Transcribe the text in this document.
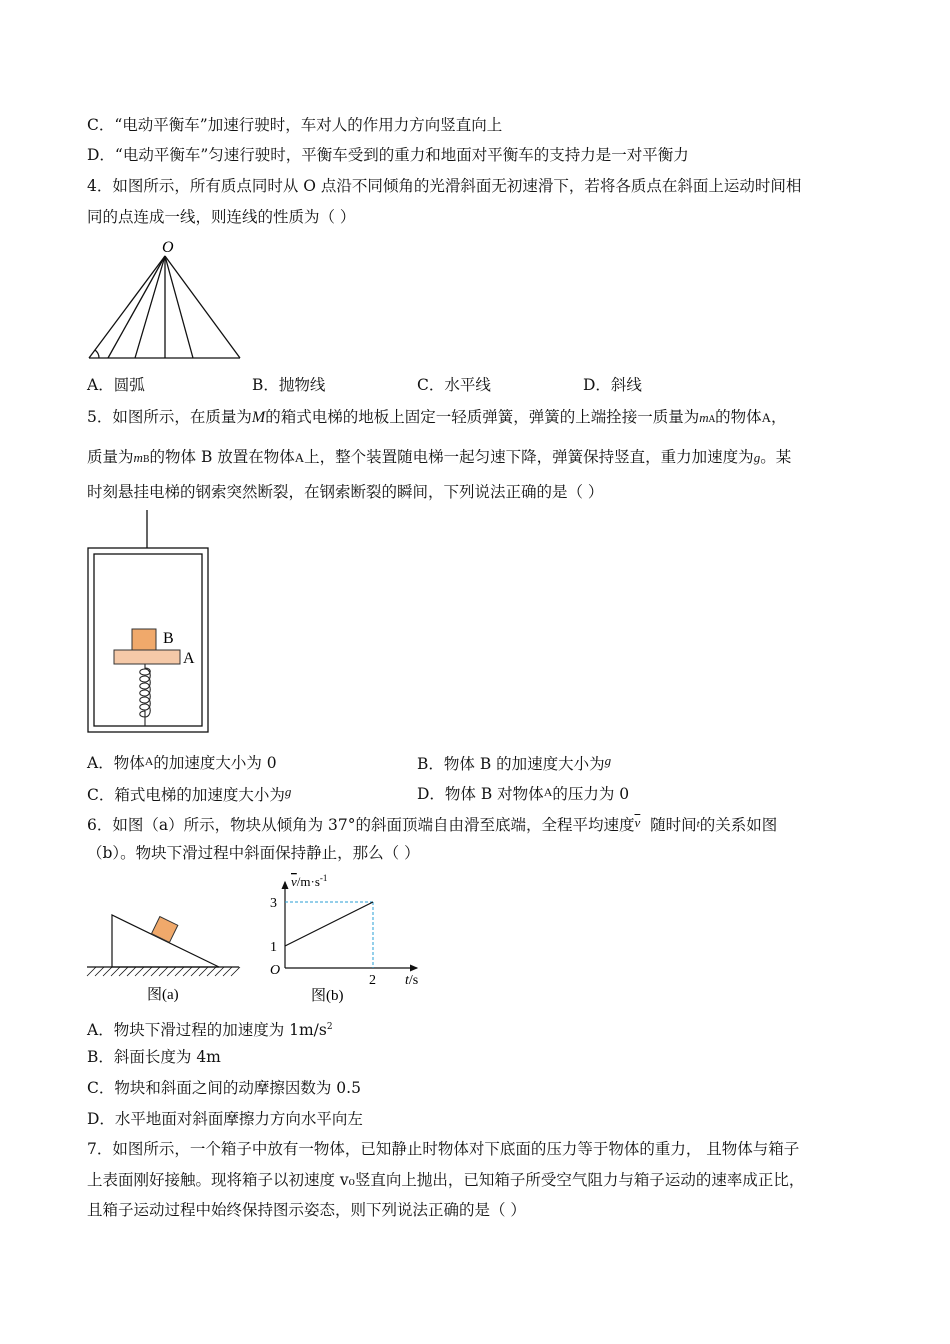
C．“电动平衡车”加速行驶时，车对人的作用力方向竖直向上
D．“电动平衡车”匀速行驶时，平衡车受到的重力和地面对平衡车的支持力是一对平衡力
4．如图所示，所有质点同时从 O 点沿不同倾角的光滑斜面无初速滑下，若将各质点在斜面上运动时间相
同的点连成一线，则连线的性质为（ ）
O
A．圆弧	B．抛物线	C．水平线	D．斜线
5．如图所示，在质量为M的箱式电梯的地板上固定一轻质弹簧，弹簧的上端拴接一质量为mA的物体A，
质量为mB的物体 B 放置在物体A上，整个装置随电梯一起匀速下降，弹簧保持竖直，重力加速度为g。某
时刻悬挂电梯的钢索突然断裂，在钢索断裂的瞬间，下列说法正确的是（ ）
B
A
A．物体A的加速度大小为 0	B．物体 B 的加速度大小为$^g$
C．箱式电梯的加速度大小为$^g$	D．物体 B 对物体A的压力为 0
6．如图（a）所示，物块从倾角为 37°的斜面顶端自由滑至底端，全程平均速度$\overline{v}$ 随时间t的关系如图
（b）。物块下滑过程中斜面保持静止，那么（ ）
图(a)
$v/m\cdot s^{-1}$
t/s
O
3
1
2
图(b)
A．物块下滑过程的加速度为 $1m/s^2$
B．斜面长度为 4m
C．物块和斜面之间的动摩擦因数为 0.5
D．水平地面对斜面摩擦力方向水平向左
7．如图所示，一个箱子中放有一物体，已知静止时物体对下底面的压力等于物体的重力， 且物体与箱子
上表面刚好接触。现将箱子以初速度 v₀竖直向上抛出，已知箱子所受空气阻力与箱子运动的速率成正比，
且箱子运动过程中始终保持图示姿态，则下列说法正确的是（ ）
